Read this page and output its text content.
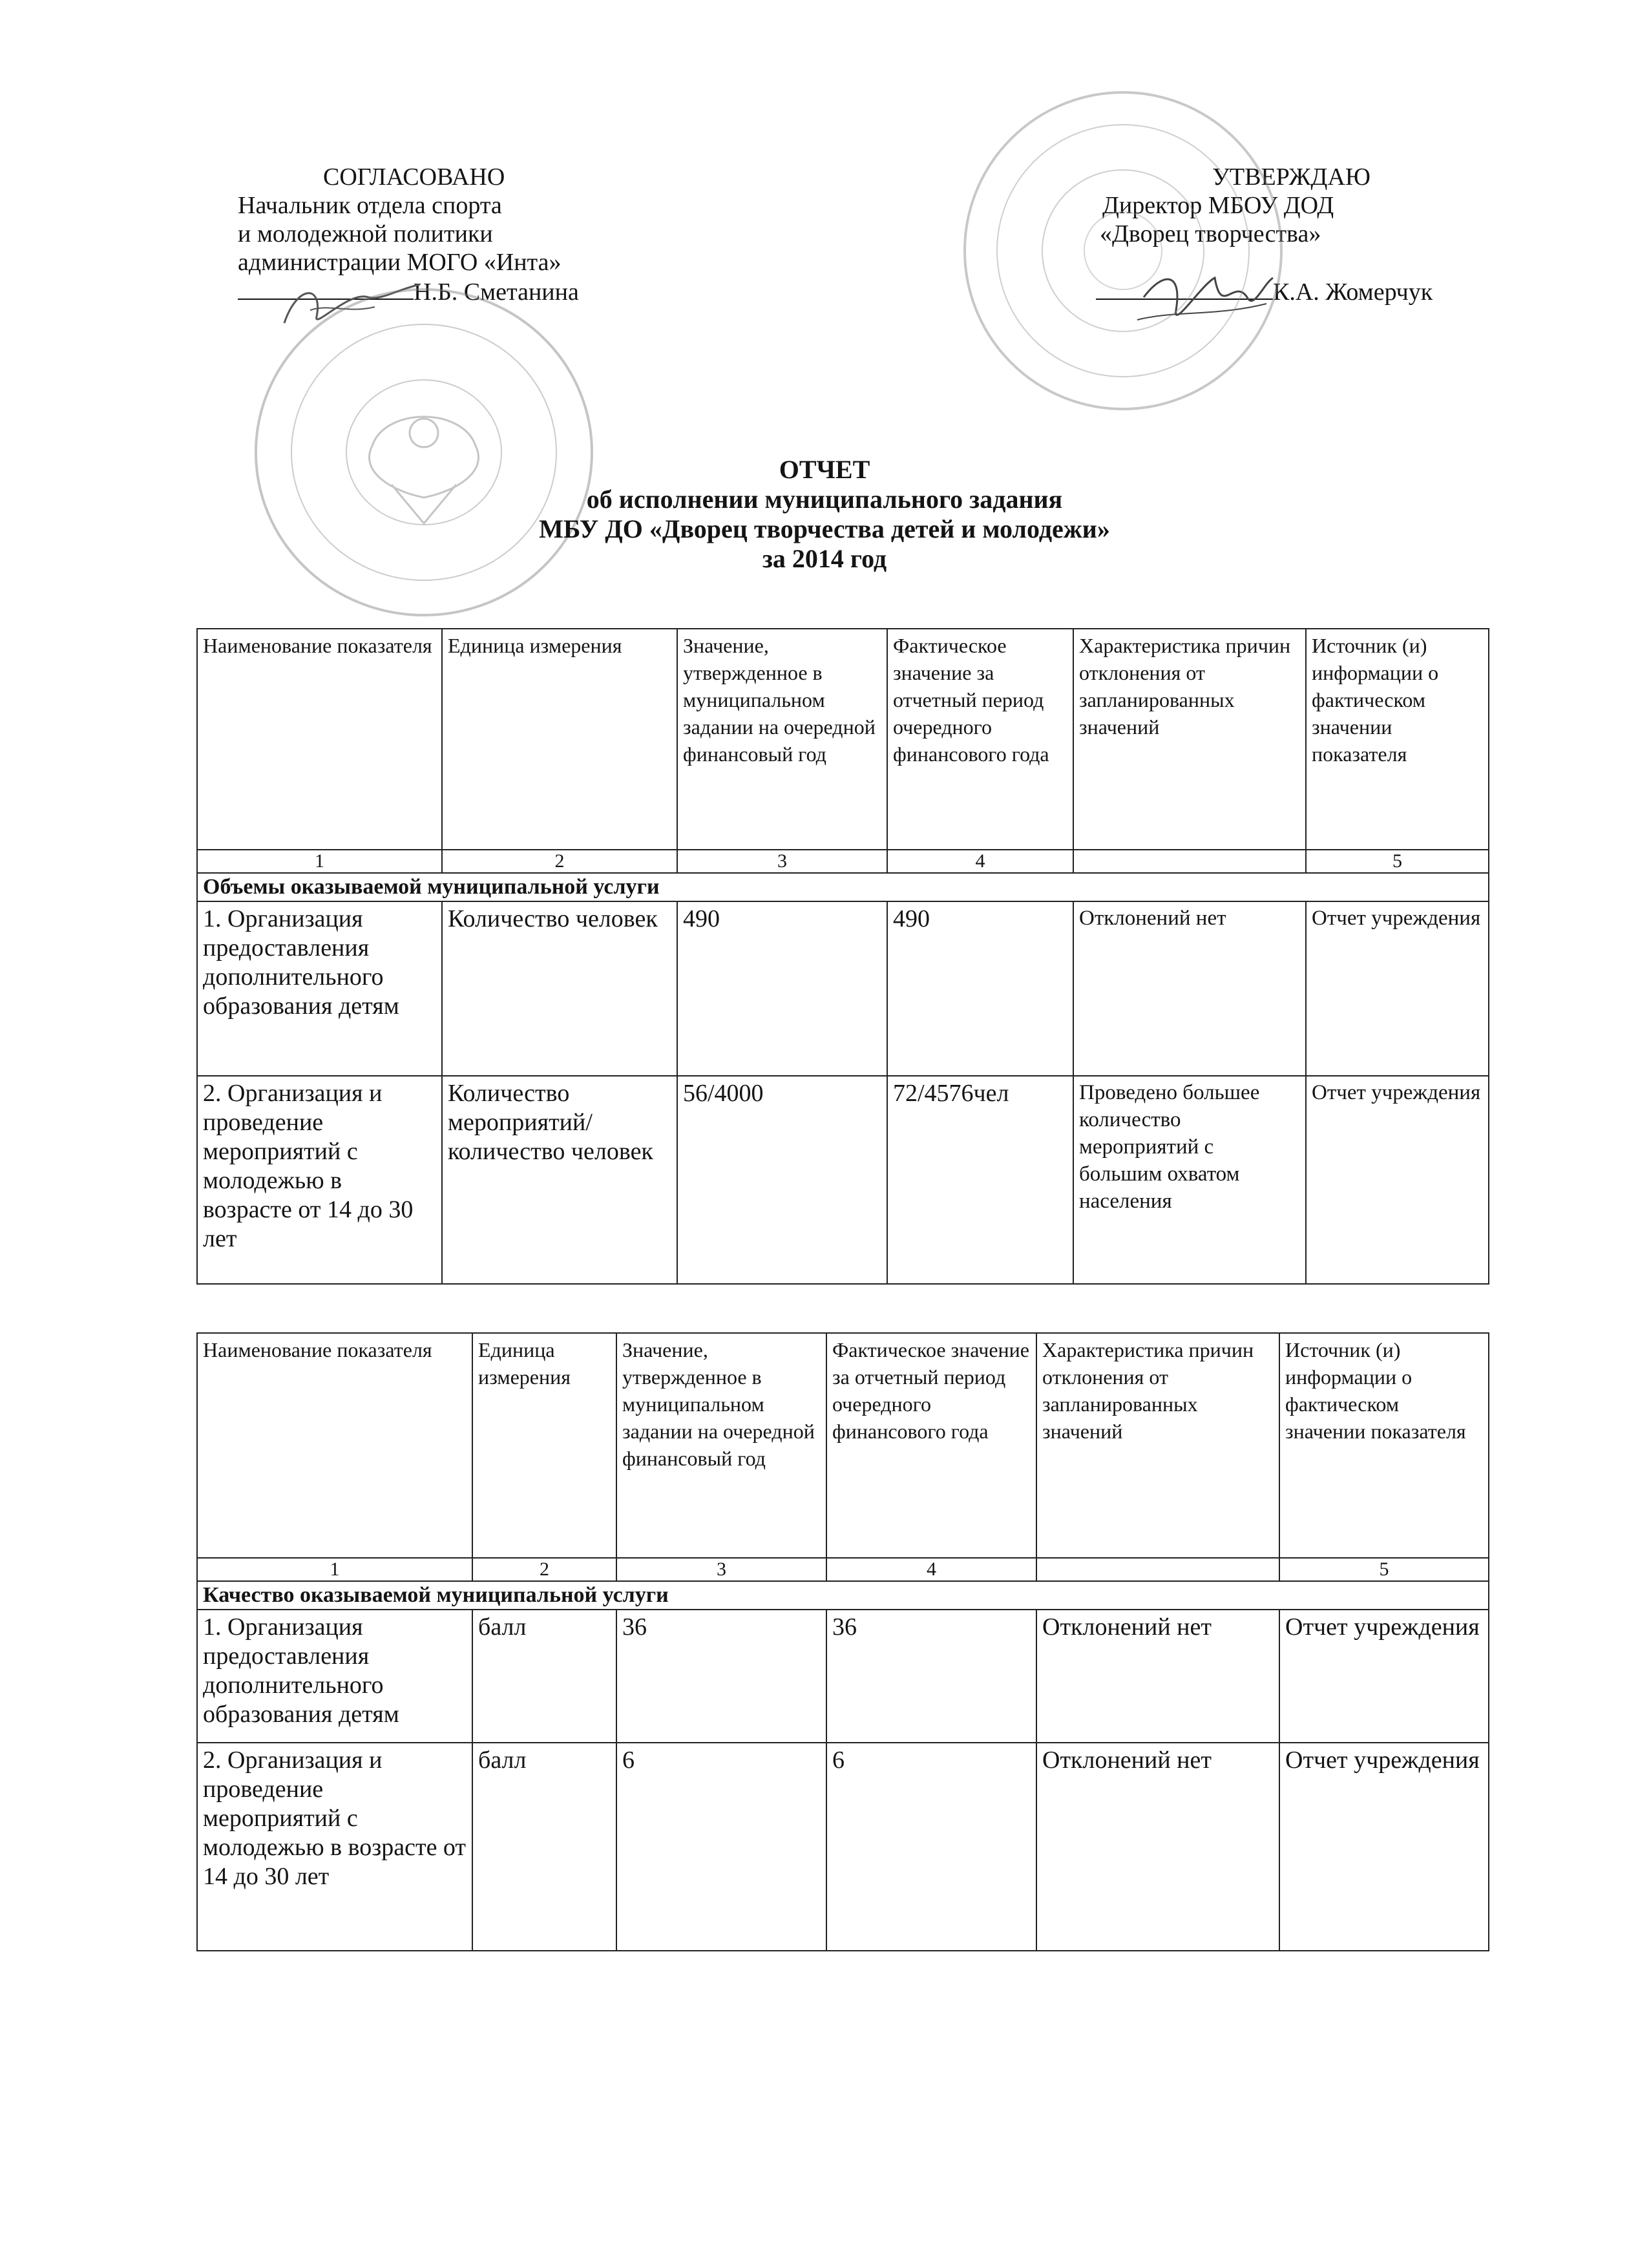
СОГЛАСОВАНО
Начальник отдела спорта
и молодежной политики
администрации МОГО «Инта»
Н.Б. Сметанина
УТВЕРЖДАЮ
Директор МБОУ ДОД
«Дворец творчества»
К.А. Жомерчук
ОТЧЕТ
об исполнении муниципального задания
МБУ ДО «Дворец творчества детей и молодежи»
за 2014 год
Наименование показателя	Единица измерения	Значение, утвержденное в муниципальном задании на очередной финансовый год	Фактическое значение за отчетный период очередного финансового года	Характеристика причин отклонения от запланированных значений	Источник (и) информации о фактическом значении показателя
1	2	3	4		5
Объемы оказываемой муниципальной услуги					
1. Организация предоставления дополнительного образования детям	Количество человек	490	490	Отклонений нет	Отчет учреждения
2. Организация и проведение мероприятий с молодежью в возрасте от 14 до 30 лет	Количество мероприятий/ количество человек	56/4000	72/4576чел	Проведено большее количество мероприятий с большим охватом населения	Отчет учреждения
Наименование показателя	Единица измерения	Значение, утвержденное в муниципальном задании на очередной финансовый год	Фактическое значение за отчетный период очередного финансового года	Характеристика причин отклонения от запланированных значений	Источник (и) информации о фактическом значении показателя
1	2	3	4		5
Качество оказываемой муниципальной услуги					
1. Организация предоставления дополнительного образования детям	балл	36	36	Отклонений нет	Отчет учреждения
2. Организация и проведение мероприятий с молодежью в возрасте от 14 до 30 лет	балл	6	6	Отклонений нет	Отчет учреждения
